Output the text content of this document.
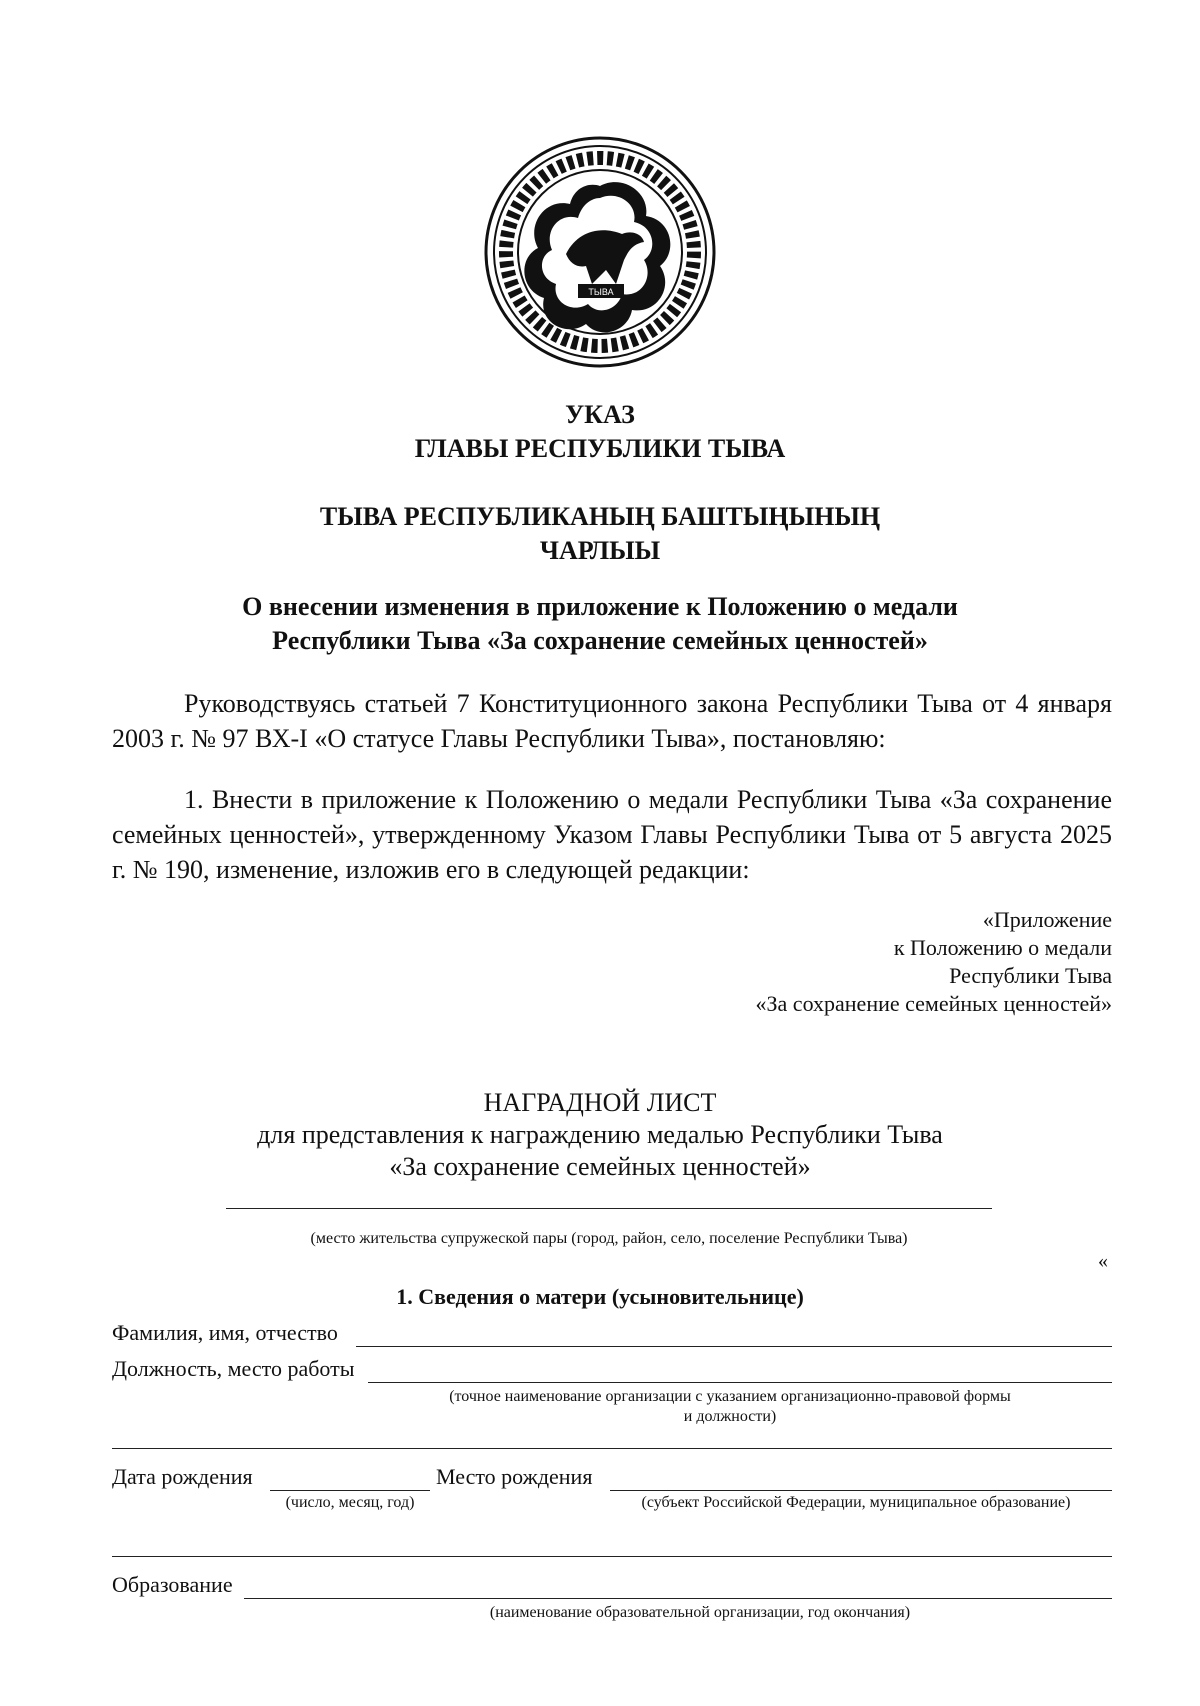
ТЫВА
УКАЗ
ГЛАВЫ РЕСПУБЛИКИ ТЫВА
ТЫВА РЕСПУБЛИКАНЫҢ БАШТЫҢЫНЫҢ
ЧАРЛЫЫ
О внесении изменения в приложение к Положению о медали
Республики Тыва «За сохранение семейных ценностей»
Руководствуясь статьей 7 Конституционного закона Республики Тыва от 4 января 2003 г. № 97 ВХ-I «О статусе Главы Республики Тыва», постановляю:
1. Внести в приложение к Положению о медали Республики Тыва «За сохранение семейных ценностей», утвержденному Указом Главы Республики Тыва от 5 августа 2025 г. № 190, изменение, изложив его в следующей редакции:
«Приложение
к Положению о медали
Республики Тыва
«За сохранение семейных ценностей»
НАГРАДНОЙ ЛИСТ
для представления к награждению медалью Республики Тыва
«За сохранение семейных ценностей»
(место жительства супружеской пары (город, район, село, поселение Республики Тыва)
«
1. Сведения о матери (усыновительнице)
Фамилия, имя, отчество
Должность, место работы
(точное наименование организации с указанием организационно-правовой формы
и должности)
Дата рождения
(число, месяц, год)
Место рождения
(субъект Российской Федерации, муниципальное образование)
Образование
(наименование образовательной организации, год окончания)
